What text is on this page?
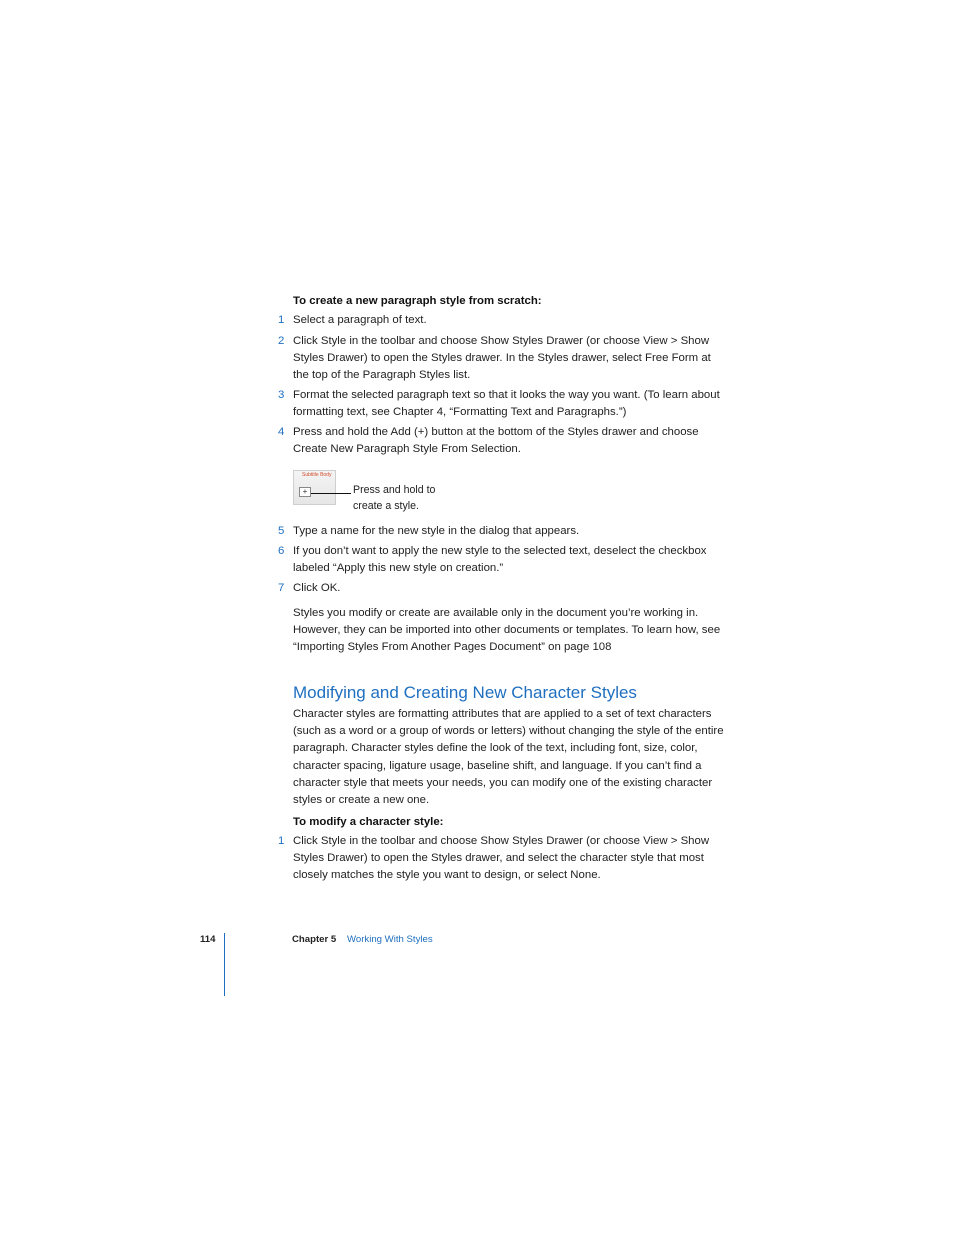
To create a new paragraph style from scratch:
1 Select a paragraph of text.
2 Click Style in the toolbar and choose Show Styles Drawer (or choose View > Show Styles Drawer) to open the Styles drawer. In the Styles drawer, select Free Form at the top of the Paragraph Styles list.
3 Format the selected paragraph text so that it looks the way you want. (To learn about formatting text, see Chapter 4, “Formatting Text and Paragraphs.”)
4 Press and hold the Add (+) button at the bottom of the Styles drawer and choose Create New Paragraph Style From Selection.
Subtitle Body
+	Press and hold to create a style.
5 Type a name for the new style in the dialog that appears.
6 If you don’t want to apply the new style to the selected text, deselect the checkbox labeled “Apply this new style on creation.”
7 Click OK.
Styles you modify or create are available only in the document you’re working in. However, they can be imported into other documents or templates. To learn how, see “Importing Styles From Another Pages Document” on page 108
Modifying and Creating New Character Styles
Character styles are formatting attributes that are applied to a set of text characters (such as a word or a group of words or letters) without changing the style of the entire paragraph. Character styles define the look of the text, including font, size, color, character spacing, ligature usage, baseline shift, and language. If you can’t find a character style that meets your needs, you can modify one of the existing character styles or create a new one.
To modify a character style:
1 Click Style in the toolbar and choose Show Styles Drawer (or choose View > Show Styles Drawer) to open the Styles drawer, and select the character style that most closely matches the style you want to design, or select None.
114	Chapter 5 Working With Styles
